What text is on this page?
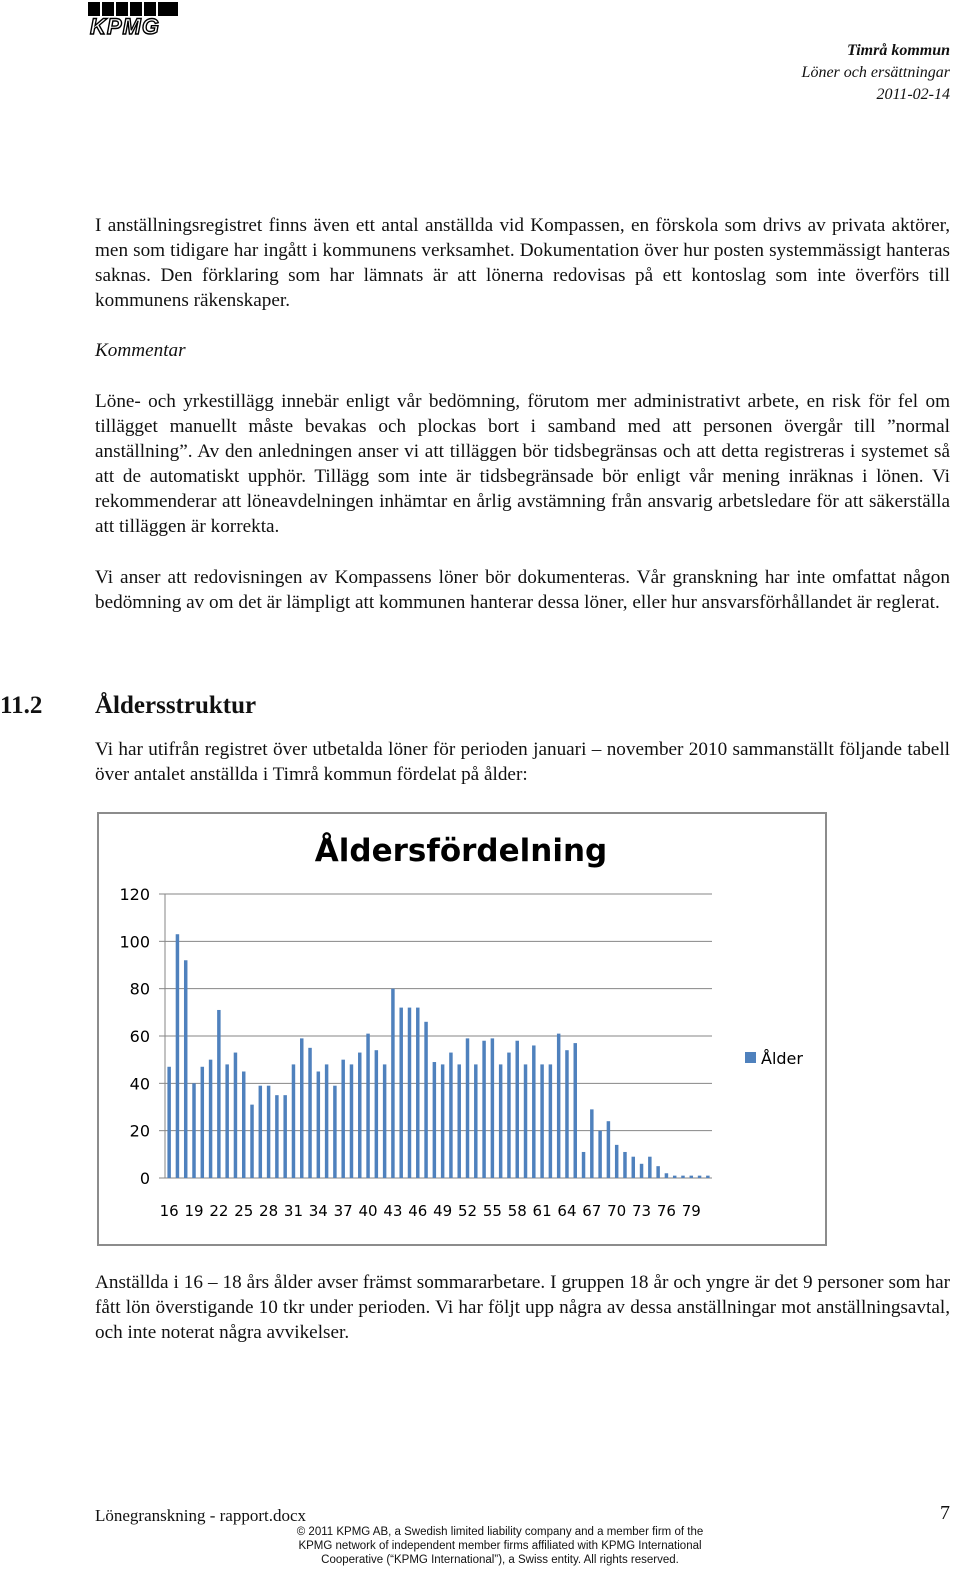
KPMG
Timrå kommun
Löner och ersättningar
2011-02-14
I anställningsregistret finns även ett antal anställda vid Kompassen, en förskola som drivs av privata aktörer, men som tidigare har ingått i kommunens verksamhet. Dokumentation över hur posten systemmässigt hanteras saknas. Den förklaring som har lämnats är att lönerna redovisas på ett kontoslag som inte överförs till kommunens räkenskaper.
Kommentar
Löne- och yrkestillägg innebär enligt vår bedömning, förutom mer administrativt arbete, en risk för fel om tillägget manuellt måste bevakas och plockas bort i samband med att personen övergår till ”normal anställning”. Av den anledningen anser vi att tilläggen bör tidsbegränsas och att detta registreras i systemet så att de automatiskt upphör. Tillägg som inte är tidsbegränsade bör enligt vår mening inräknas i lönen. Vi rekommenderar att löneavdelningen inhämtar en årlig avstämning från ansvarig arbetsledare för att säkerställa att tilläggen är korrekta.
Vi anser att redovisningen av Kompassens löner bör dokumenteras. Vår granskning har inte omfattat någon bedömning av om det är lämpligt att kommunen hanterar dessa löner, eller hur ansvarsförhållandet är reglerat.
11.2 Åldersstruktur
Vi har utifrån registret över utbetalda löner för perioden januari – november 2010 sammanställt följande tabell över antalet anställda i Timrå kommun fördelat på ålder:
Åldersfördelning
0
20
40
60
80
100
120
16 19 22 25 28 31 34 37 40 43 46 49 52 55 58 61 64 67 70 73 76 79
Ålder
Anställda i 16 – 18 års ålder avser främst sommararbetare. I gruppen 18 år och yngre är det 9 personer som har fått lön överstigande 10 tkr under perioden. Vi har följt upp några av dessa anställningar mot anställningsavtal, och inte noterat några avvikelser.
Lönegranskning - rapport.docx	7
© 2011 KPMG AB, a Swedish limited liability company and a member firm of the KPMG network of independent member firms affiliated with KPMG International Cooperative (“KPMG International”), a Swiss entity. All rights reserved.
